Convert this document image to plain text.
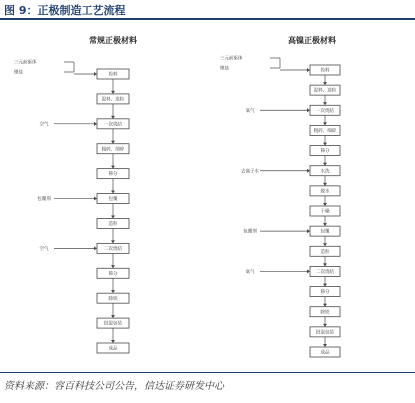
图 9：正极制造工艺流程
常规正极材料
投料
混料、造粒
一次烧结
粗碎、细碎
筛分
包覆
造粒
二次烧结
筛分
除铁
批混包装
成品
三元前驱体
锂盐
空气
包覆剂
空气
高镍正极材料
投料
混料、造粒
一次烧结
粗碎、细碎
筛分
水洗
脱水
干燥
包覆
造粒
二次烧结
筛分
除铁
批混包装
成品
三元前驱体
锂盐
氧气
去离子水
包覆剂
氧气
资料来源：容百科技公司公告，信达证券研发中心
